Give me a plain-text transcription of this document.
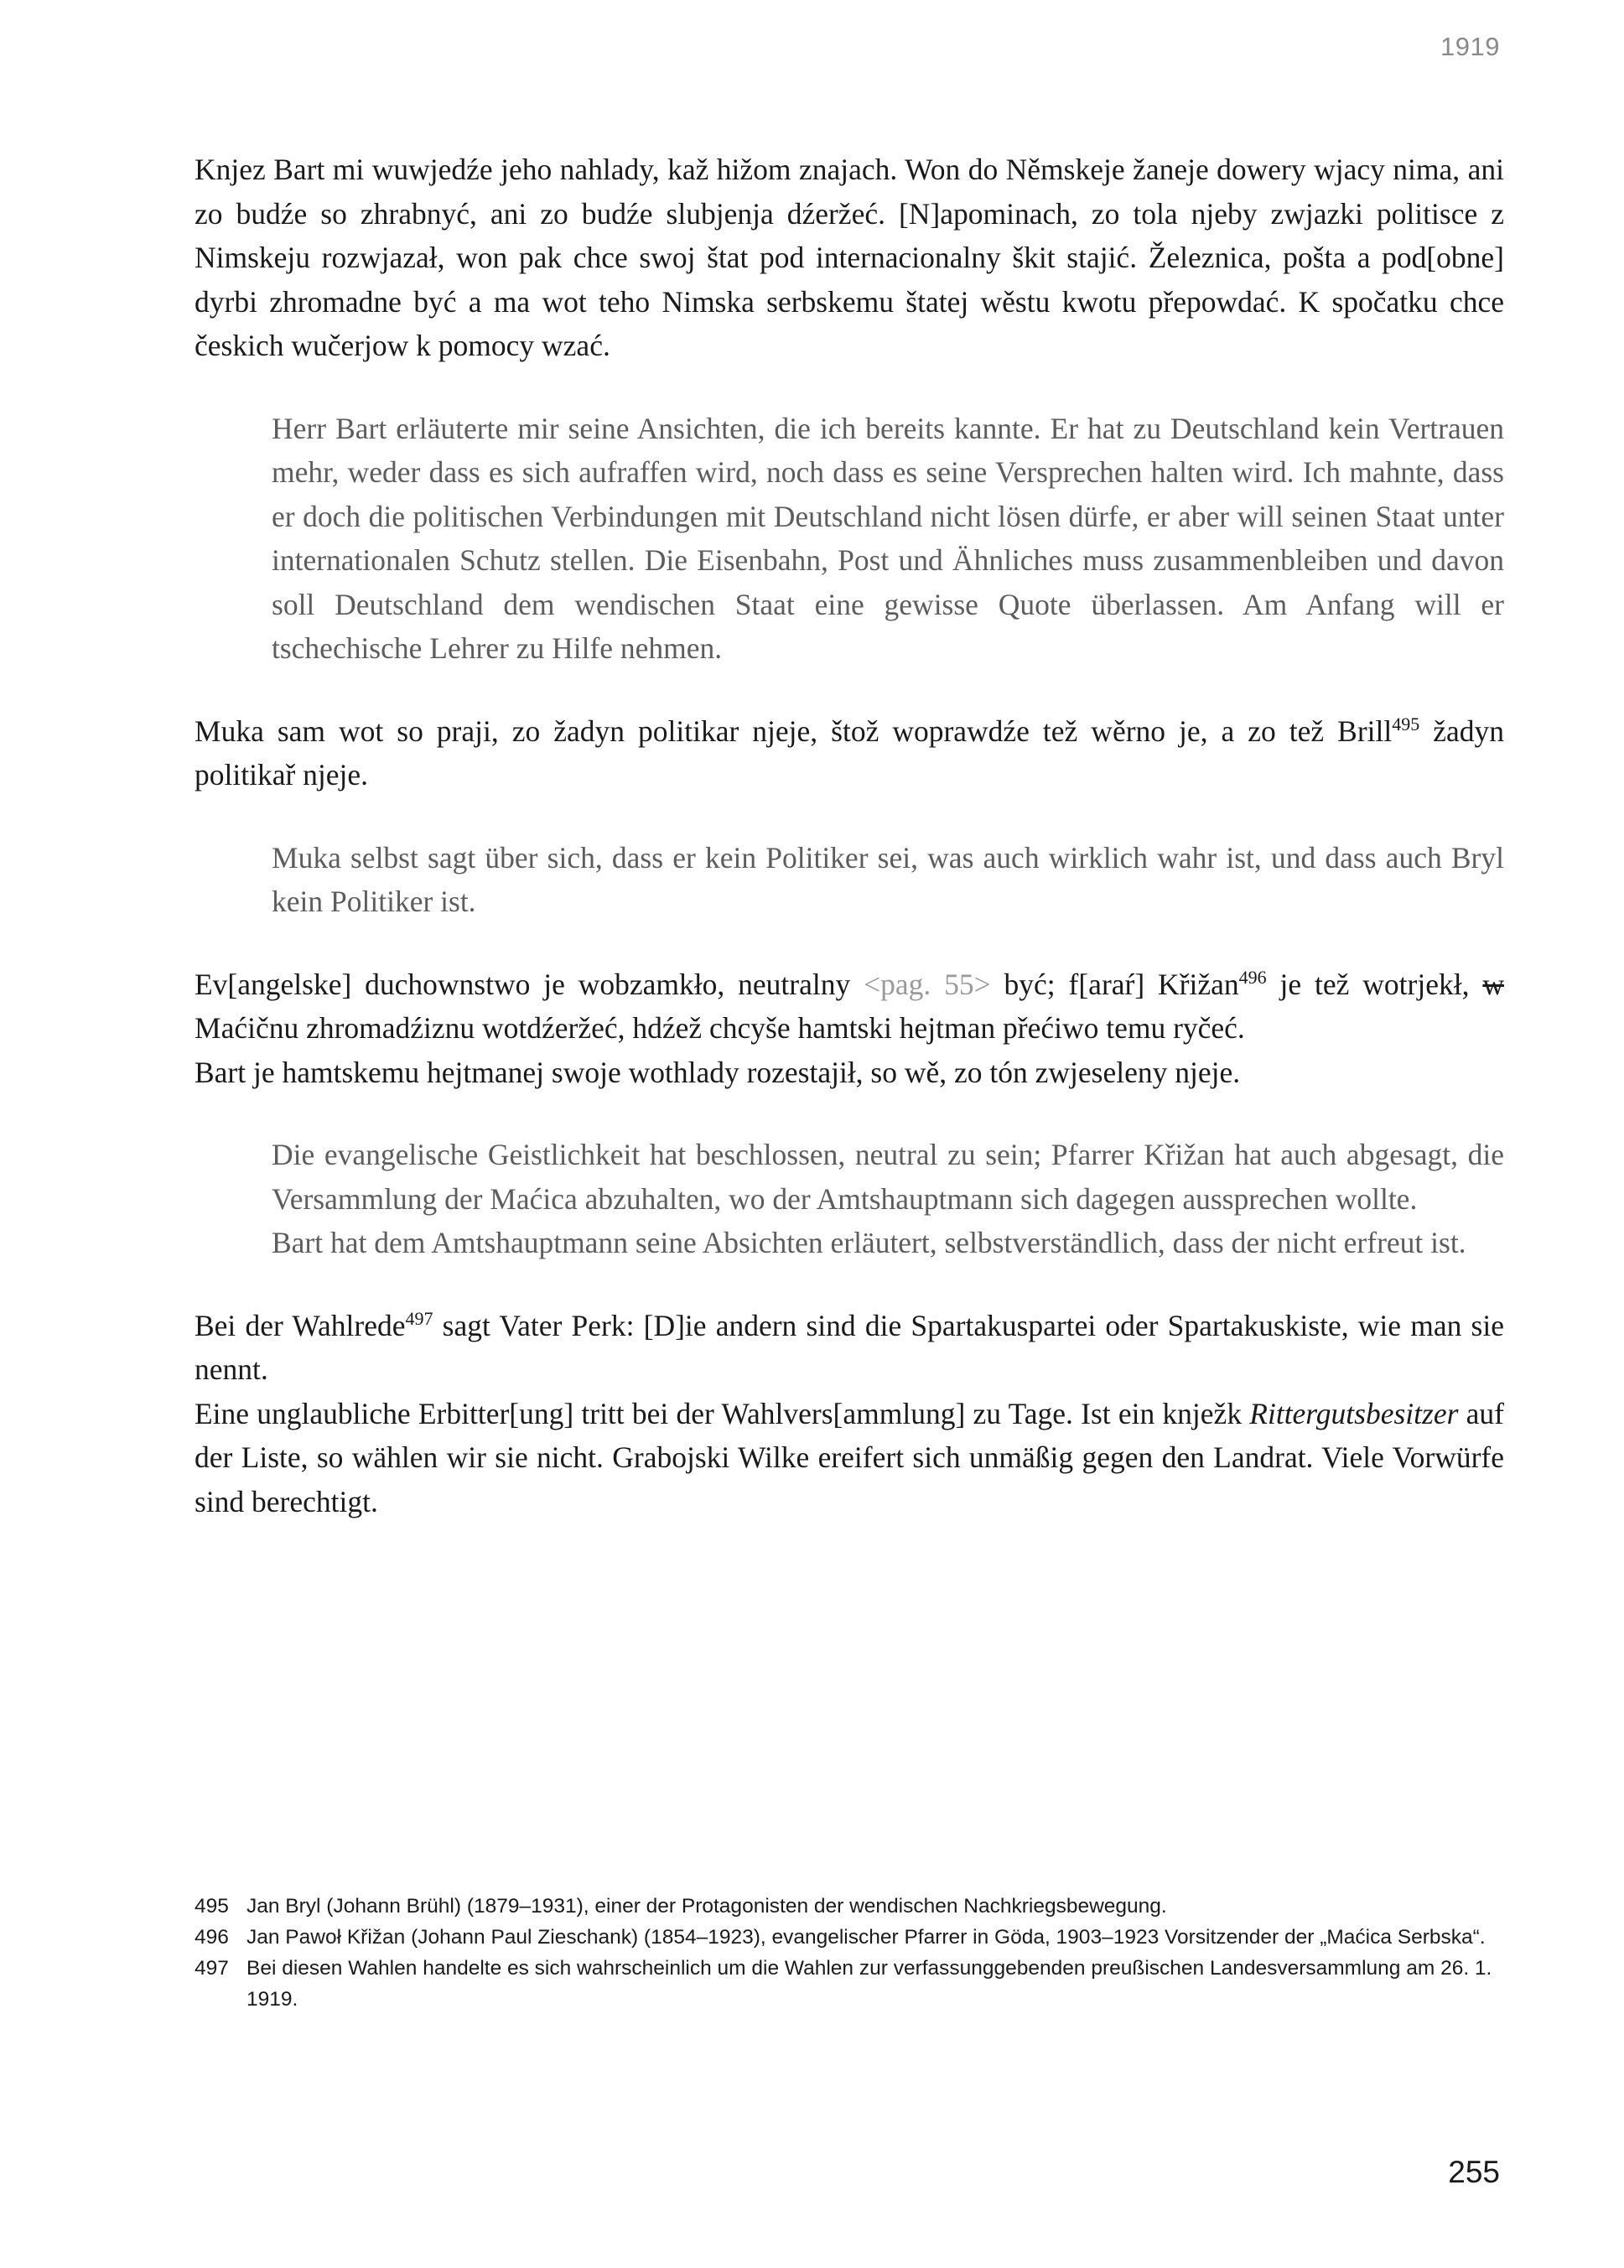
1919

Knjez Bart mi wuwjedźe jeho nahlady, kaž hižom znajach. Won do Němskeje žaneje dowery wjacy nima, ani zo budźe so zhrabnyć, ani zo budźe slubjenja dźeržeć. [N]apominach, zo tola njeby zwjazki politisce z Nimskeju rozwjazał, won pak chce swoj štat pod internacionalny škit stajić. Železnica, pošta a pod[obne] dyrbi zhromadne być a ma wot teho Nimska serbskemu štatej wěstu kwotu přepowdać. K spočatku chce českich wučerjow k pomocy wzać.

Herr Bart erläuterte mir seine Ansichten, die ich bereits kannte. Er hat zu Deutschland kein Vertrauen mehr, weder dass es sich aufraffen wird, noch dass es seine Versprechen halten wird. Ich mahnte, dass er doch die politischen Verbindungen mit Deutschland nicht lösen dürfe, er aber will seinen Staat unter internationalen Schutz stellen. Die Eisenbahn, Post und Ähnliches muss zusammenbleiben und davon soll Deutschland dem wendischen Staat eine gewisse Quote überlassen. Am Anfang will er tschechische Lehrer zu Hilfe nehmen.

Muka sam wot so praji, zo žadyn politikar njeje, štož woprawdźe tež wěrno je, a zo tež Brill$^{495}$ žadyn politikař njeje.

Muka selbst sagt über sich, dass er kein Politiker sei, was auch wirklich wahr ist, und dass auch Bryl kein Politiker ist.

Ev[angelske] duchownstwo je wobzamkło, neutralny <pag. 55> być; f[araŕ] Křižan$^{496}$ je tež wotrjekł, w Maćičnu zhromadźiznu wotdźeržeć, hdźež chcyše hamtski hejtman přećiwo temu ryčeć.

Bart je hamtskemu hejtmanej swoje wothlady rozestajił, so wě, zo tón zwjeseleny njeje.

Die evangelische Geistlichkeit hat beschlossen, neutral zu sein; Pfarrer Křižan hat auch abgesagt, die Versammlung der Maćica abzuhalten, wo der Amtshauptmann sich dagegen aussprechen wollte.

Bart hat dem Amtshauptmann seine Absichten erläutert, selbstverständlich, dass der nicht erfreut ist.

Bei der Wahlrede$^{497}$ sagt Vater Perk: [D]ie andern sind die Spartakuspartei oder Spartakuskiste, wie man sie nennt.

Eine unglaubliche Erbitter[ung] tritt bei der Wahlvers[ammlung] zu Tage. Ist ein knježk Rittergutsbesitzer auf der Liste, so wählen wir sie nicht. Grabojski Wilke ereifert sich unmäßig gegen den Landrat. Viele Vorwürfe sind berechtigt.

495 Jan Bryl (Johann Brühl) (1879–1931), einer der Protagonisten der wendischen Nachkriegsbewegung.
496 Jan Pawoł Křižan (Johann Paul Zieschank) (1854–1923), evangelischer Pfarrer in Göda, 1903–1923 Vorsitzender der „Maćica Serbska“.
497 Bei diesen Wahlen handelte es sich wahrscheinlich um die Wahlen zur verfassunggebenden preußischen Landesversammlung am 26. 1. 1919.
255
